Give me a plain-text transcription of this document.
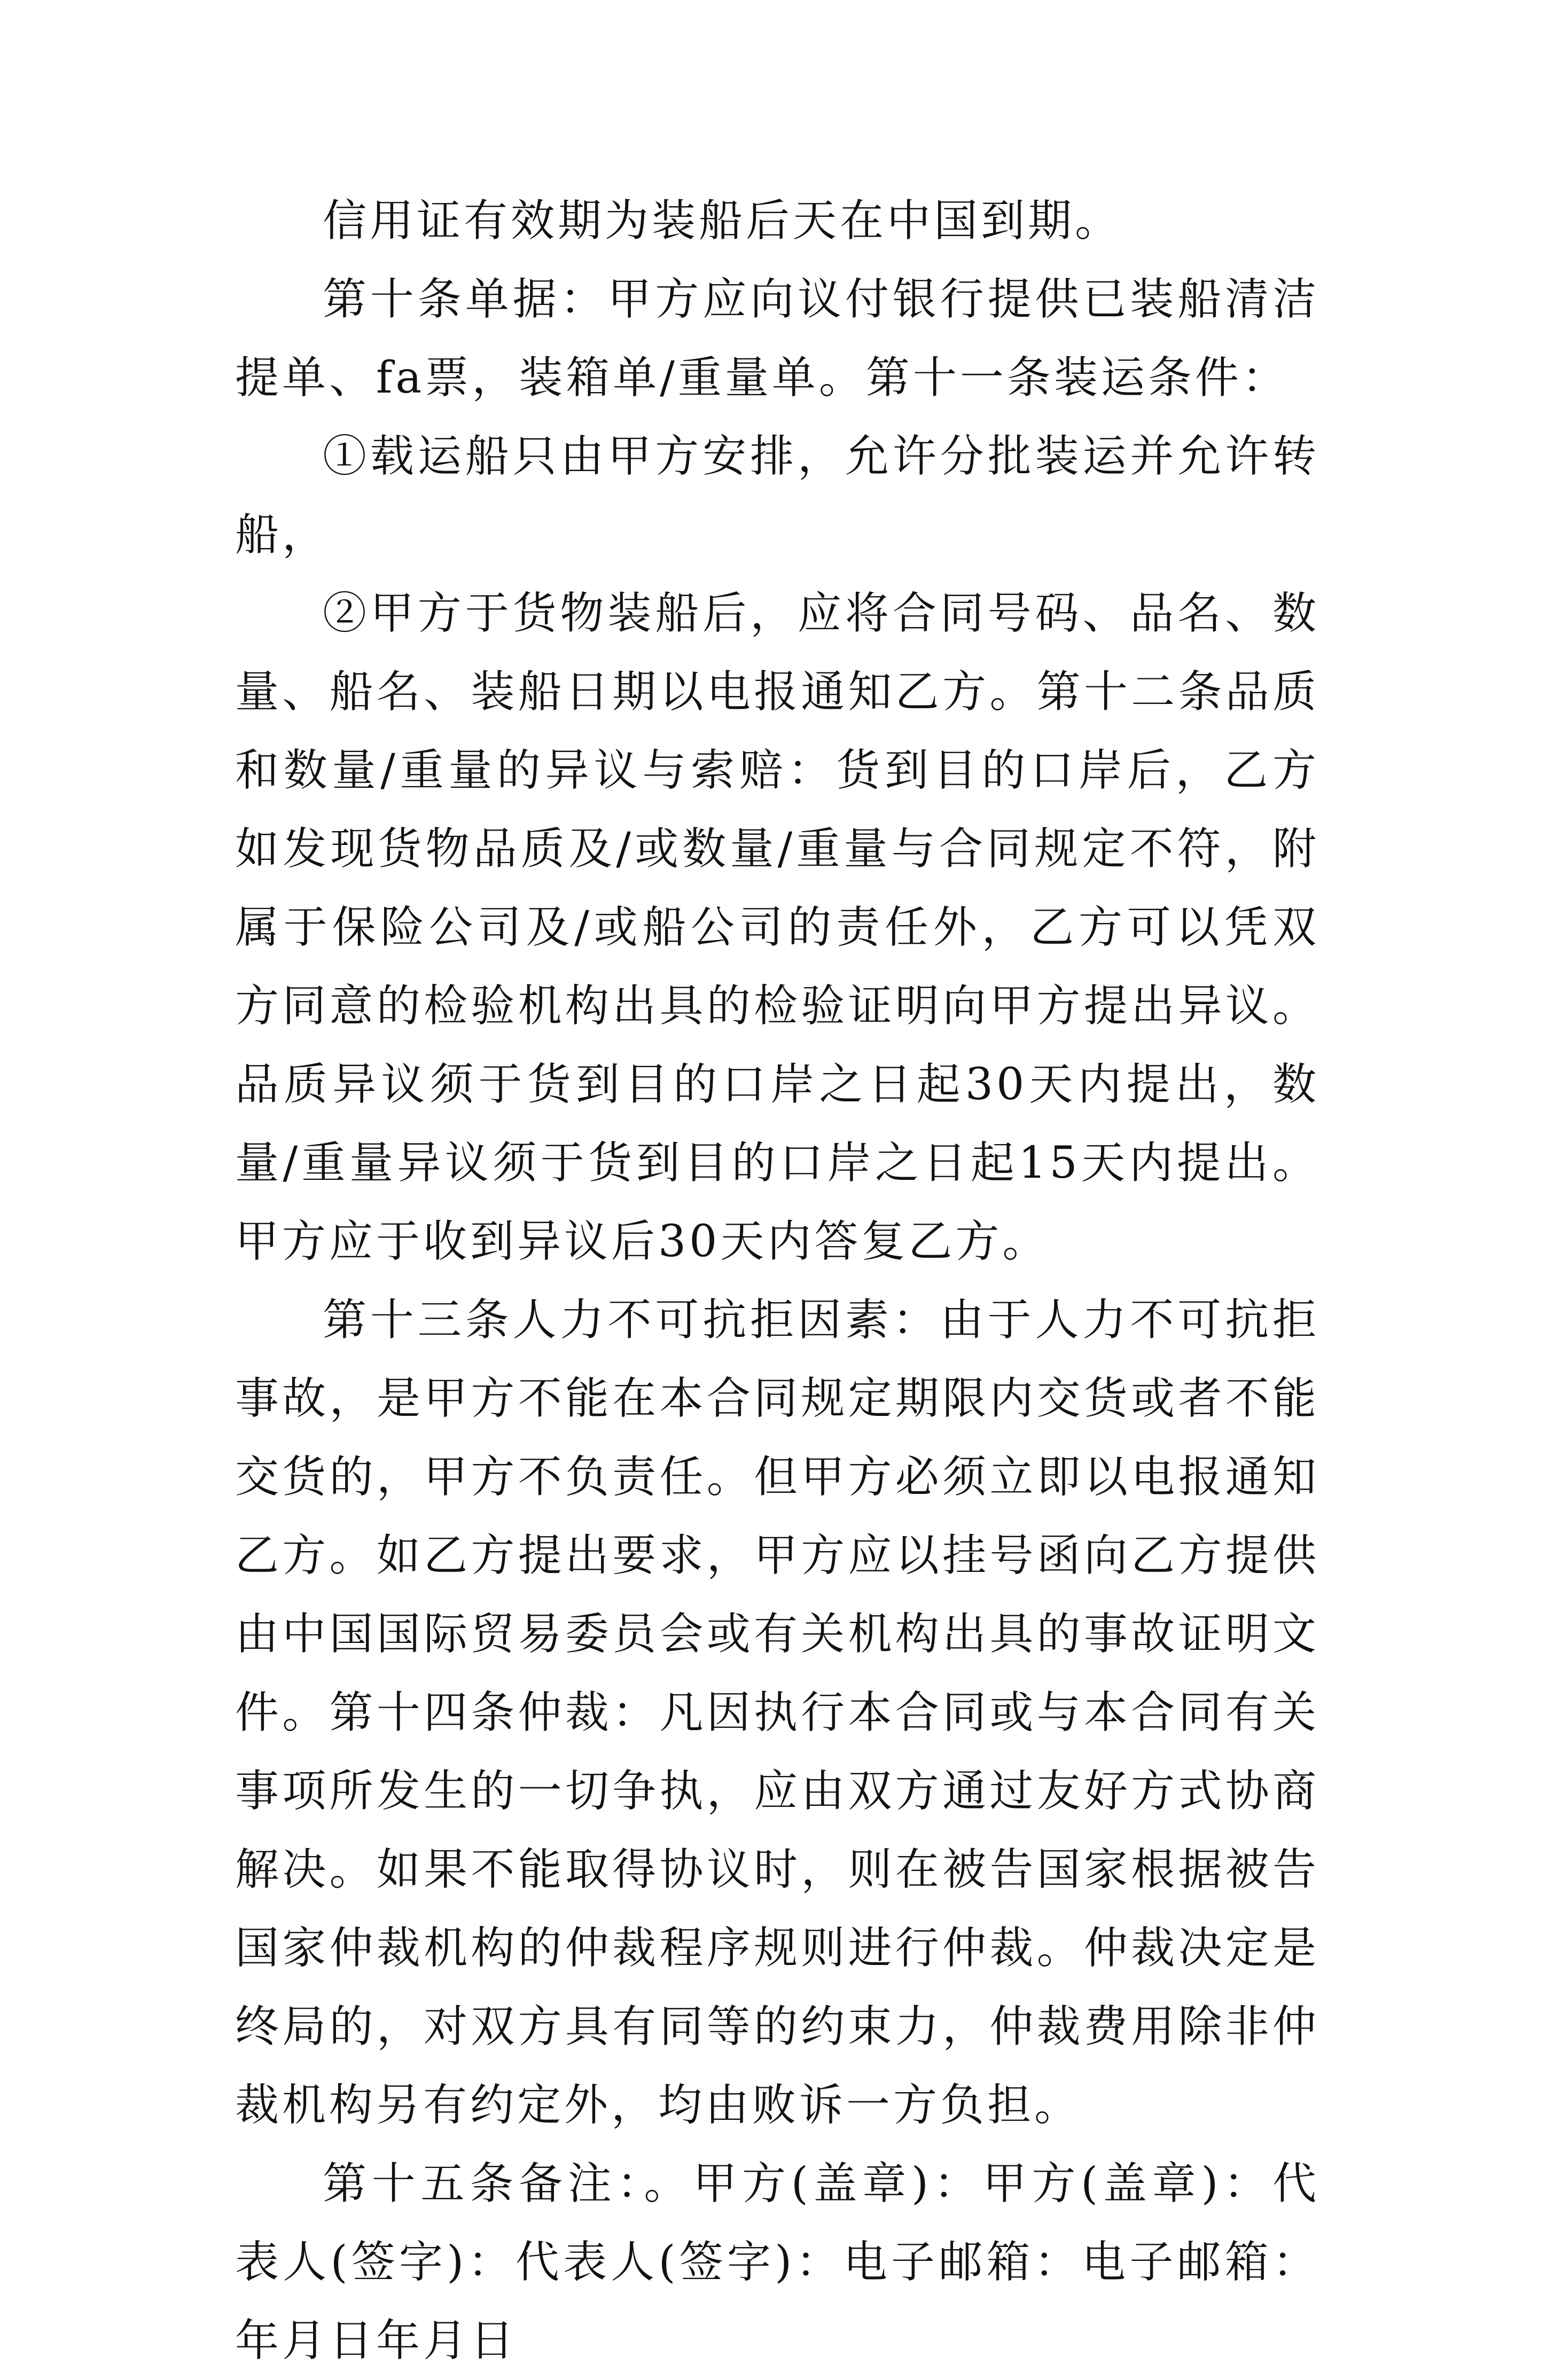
信用证有效期为装船后天在中国到期。

第十条单据：甲方应向议付银行提供已装船清洁提单、fa票，装箱单/重量单。第十一条装运条件：

①载运船只由甲方安排，允许分批装运并允许转船，

②甲方于货物装船后，应将合同号码、品名、数量、船名、装船日期以电报通知乙方。第十二条品质和数量/重量的异议与索赔：货到目的口岸后，乙方如发现货物品质及/或数量/重量与合同规定不符，附属于保险公司及/或船公司的责任外，乙方可以凭双方同意的检验机构出具的检验证明向甲方提出异议。品质异议须于货到目的口岸之日起30天内提出，数量/重量异议须于货到目的口岸之日起15天内提出。甲方应于收到异议后30天内答复乙方。

第十三条人力不可抗拒因素：由于人力不可抗拒事故，是甲方不能在本合同规定期限内交货或者不能交货的，甲方不负责任。但甲方必须立即以电报通知乙方。如乙方提出要求，甲方应以挂号函向乙方提供由中国国际贸易委员会或有关机构出具的事故证明文件。第十四条仲裁：凡因执行本合同或与本合同有关事项所发生的一切争执，应由双方通过友好方式协商解决。如果不能取得协议时，则在被告国家根据被告国家仲裁机构的仲裁程序规则进行仲裁。仲裁决定是终局的，对双方具有同等的约束力，仲裁费用除非仲裁机构另有约定外，均由败诉一方负担。

第十五条备注：。甲方(盖章)：甲方(盖章)：代表人(签字)：代表人(签字)：电子邮箱：电子邮箱：年月日年月日
